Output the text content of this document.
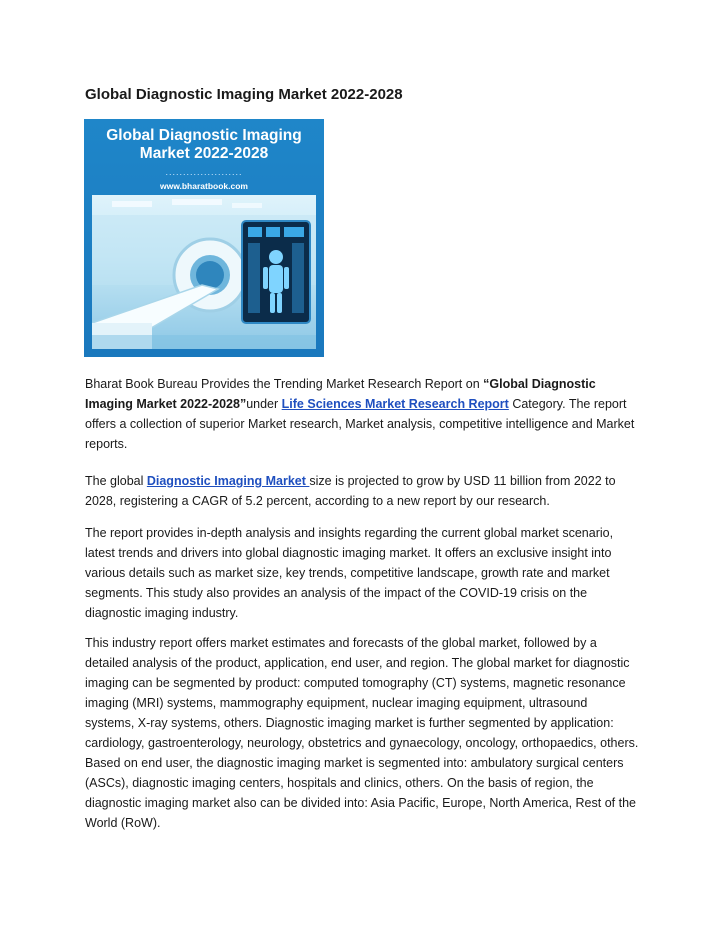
Global Diagnostic Imaging Market 2022-2028
Global Diagnostic Imaging
Market 2022-2028
......................
www.bharatbook.com

Bharat Book Bureau Provides the Trending Market Research Report on “Global Diagnostic Imaging Market 2022-2028”under Life Sciences Market Research Report Category. The report offers a collection of superior Market research, Market analysis, competitive intelligence and Market reports.

The global Diagnostic Imaging Market size is projected to grow by USD 11 billion from 2022 to 2028, registering a CAGR of 5.2 percent, according to a new report by our research.

The report provides in-depth analysis and insights regarding the current global market scenario, latest trends and drivers into global diagnostic imaging market. It offers an exclusive insight into various details such as market size, key trends, competitive landscape, growth rate and market segments. This study also provides an analysis of the impact of the COVID-19 crisis on the diagnostic imaging industry.

This industry report offers market estimates and forecasts of the global market, followed by a detailed analysis of the product, application, end user, and region. The global market for diagnostic imaging can be segmented by product: computed tomography (CT) systems, magnetic resonance imaging (MRI) systems, mammography equipment, nuclear imaging equipment, ultrasound systems, X-ray systems, others. Diagnostic imaging market is further segmented by application: cardiology, gastroenterology, neurology, obstetrics and gynaecology, oncology, orthopaedics, others. Based on end user, the diagnostic imaging market is segmented into: ambulatory surgical centers (ASCs), diagnostic imaging centers, hospitals and clinics, others. On the basis of region, the diagnostic imaging market also can be divided into: Asia Pacific, Europe, North America, Rest of the World (RoW).
